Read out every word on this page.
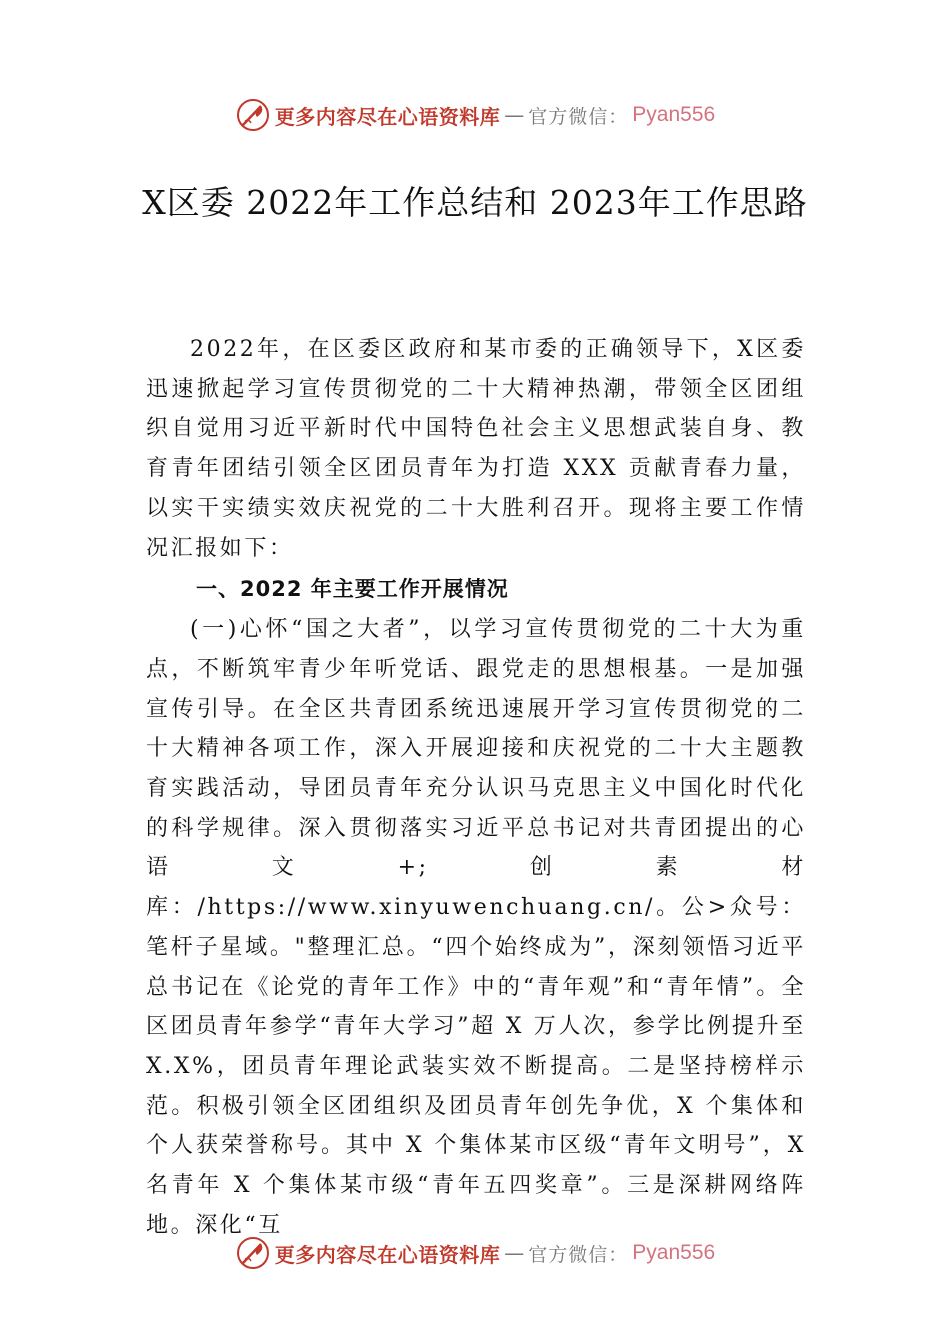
更多内容尽在心语资料库 — 官方微信： Pyan556
X区委 2022年工作总结和 2023年工作思路

2022年，在区委区政府和某市委的正确领导下，X区委迅速掀起学习宣传贯彻党的二十大精神热潮，带领全区团组织自觉用习近平新时代中国特色社会主义思想武装自身、教育青年团结引领全区团员青年为打造 XXX 贡献青春力量，以实干实绩实效庆祝党的二十大胜利召开。现将主要工作情况汇报如下：

一、2022 年主要工作开展情况

(一)心怀“国之大者”，以学习宣传贯彻党的二十大为重点，不断筑牢青少年听党话、跟党走的思想根基。一是加强宣传引导。在全区共青团系统迅速展开学习宣传贯彻党的二十大精神各项工作，深入开展迎接和庆祝党的二十大主题教育实践活动，导团员青年充分认识马克思主义中国化时代化的科学规律。深入贯彻落实习近平总书记对共青团提出的心语文+;创素材库：/https://www.xinyuwenchuang.cn/。公>众号：笔杆子星域。"整理汇总。“四个始终成为”，深刻领悟习近平总书记在《论党的青年工作》中的“青年观”和“青年情”。全区团员青年参学“青年大学习”超 X 万人次，参学比例提升至 X.X%，团员青年理论武装实效不断提高。二是坚持榜样示范。积极引领全区团组织及团员青年创先争优，X 个集体和个人获荣誉称号。其中 X 个集体某市区级“青年文明号”，X 名青年 X 个集体某市级“青年五四奖章”。三是深耕网络阵地。深化“互

更多内容尽在心语资料库 — 官方微信： Pyan556
